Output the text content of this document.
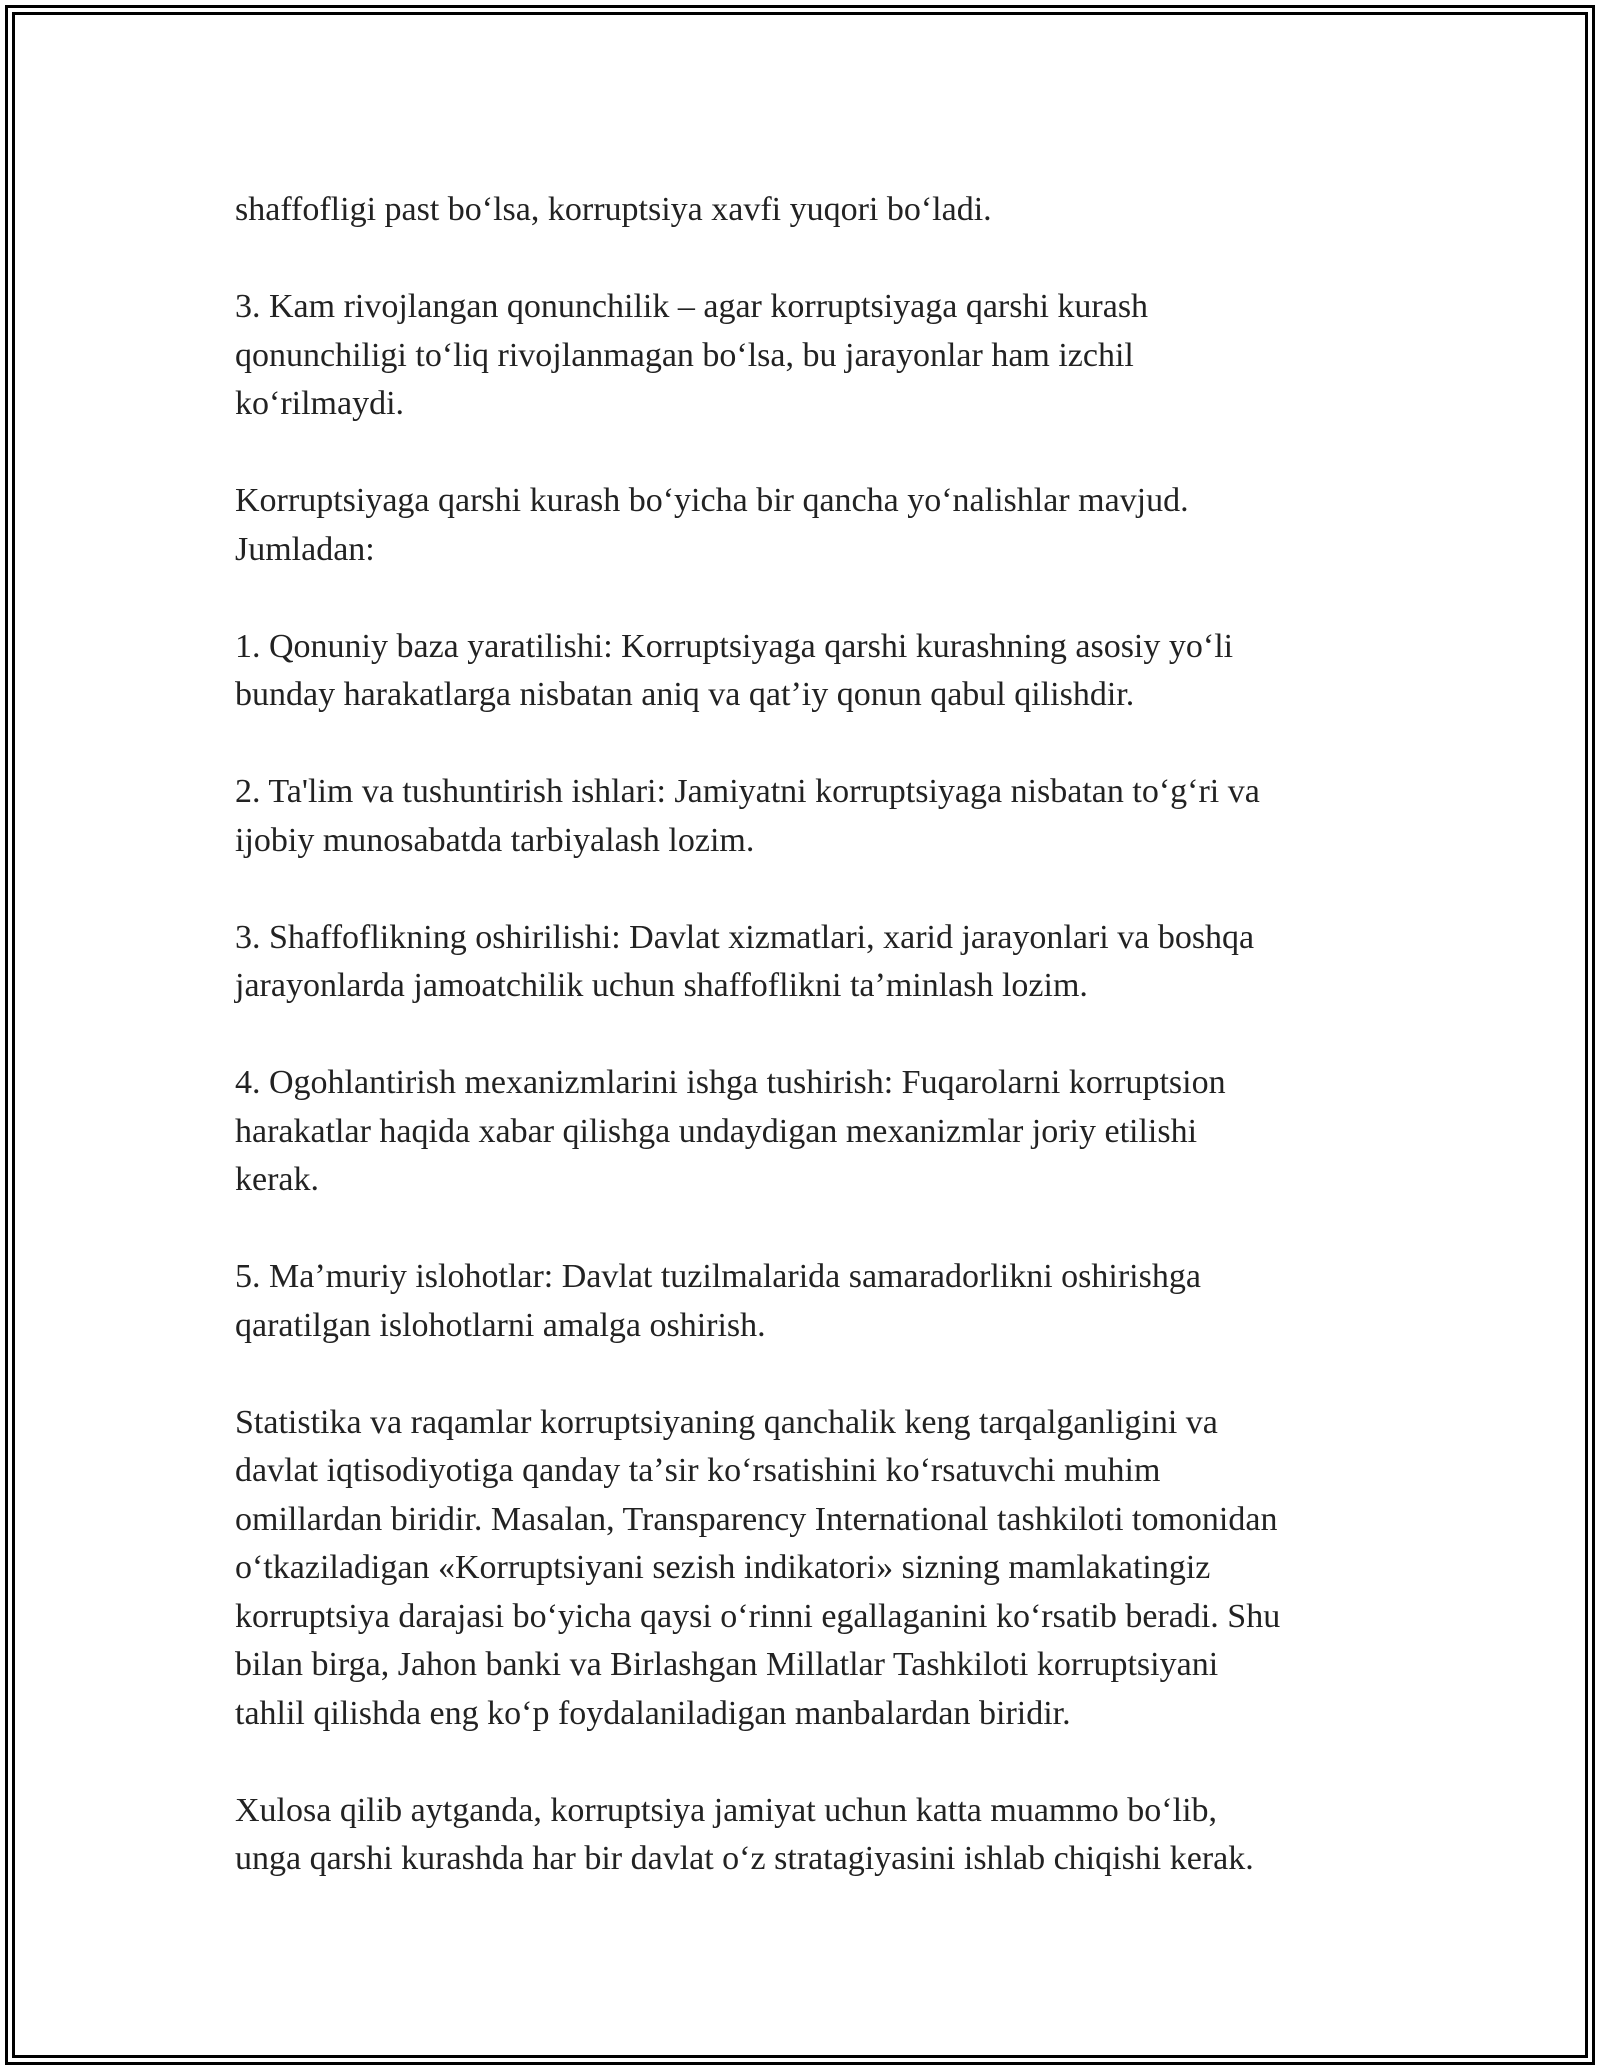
shaffofligi past boʻlsa, korruptsiya xavfi yuqori boʻladi.

3. Kam rivojlangan qonunchilik – agar korruptsiyaga qarshi kurash
qonunchiligi toʻliq rivojlanmagan boʻlsa, bu jarayonlar ham izchil
koʻrilmaydi.

Korruptsiyaga qarshi kurash boʻyicha bir qancha yoʻnalishlar mavjud.
Jumladan:

1. Qonuniy baza yaratilishi: Korruptsiyaga qarshi kurashning asosiy yoʻli
bunday harakatlarga nisbatan aniq va qatʼiy qonun qabul qilishdir.

2. Ta'lim va tushuntirish ishlari: Jamiyatni korruptsiyaga nisbatan toʻgʻri va
ijobiy munosabatda tarbiyalash lozim.

3. Shaffoflikning oshirilishi: Davlat xizmatlari, xarid jarayonlari va boshqa
jarayonlarda jamoatchilik uchun shaffoflikni taʼminlash lozim.

4. Ogohlantirish mexanizmlarini ishga tushirish: Fuqarolarni korruptsion
harakatlar haqida xabar qilishga undaydigan mexanizmlar joriy etilishi
kerak.

5. Maʼmuriy islohotlar: Davlat tuzilmalarida samaradorlikni oshirishga
qaratilgan islohotlarni amalga oshirish.

Statistika va raqamlar korruptsiyaning qanchalik keng tarqalganligini va
davlat iqtisodiyotiga qanday taʼsir koʻrsatishini koʻrsatuvchi muhim
omillardan biridir. Masalan, Transparency International tashkiloti tomonidan
oʻtkaziladigan «Korruptsiyani sezish indikatori» sizning mamlakatingiz
korruptsiya darajasi boʻyicha qaysi oʻrinni egallaganini koʻrsatib beradi. Shu
bilan birga, Jahon banki va Birlashgan Millatlar Tashkiloti korruptsiyani
tahlil qilishda eng koʻp foydalaniladigan manbalardan biridir.

Xulosa qilib aytganda, korruptsiya jamiyat uchun katta muammo boʻlib,
unga qarshi kurashda har bir davlat oʻz stratagiyasini ishlab chiqishi kerak.
